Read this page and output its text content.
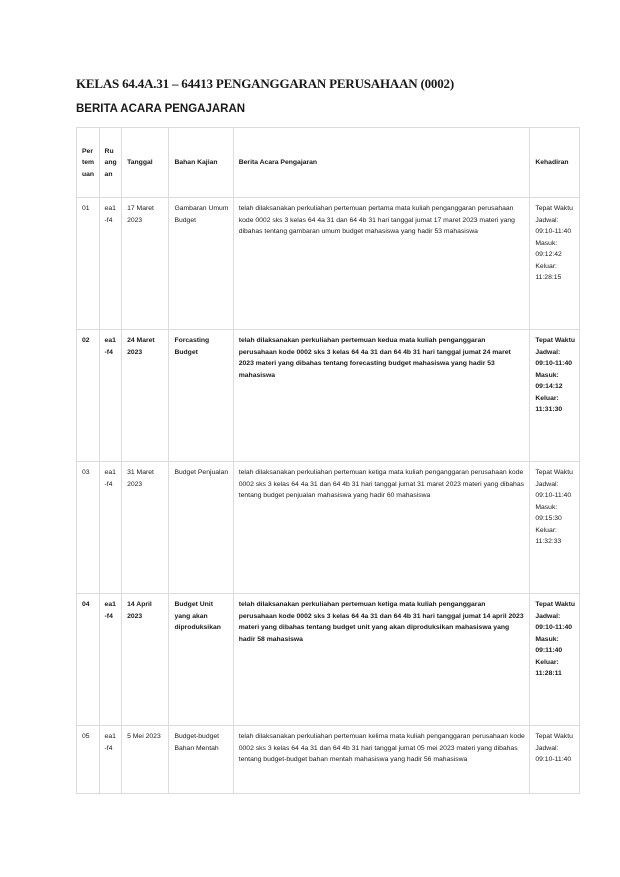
KELAS 64.4A.31 – 64413 PENGANGGARAN PERUSAHAAN (0002)
BERITA ACARA PENGAJARAN
Pertemuan	Ruangan	Tanggal	Bahan Kajian	Berita Acara Pengajaran	Kehadiran
01	ea1-f4	17 Maret 2023	Gambaran Umum Budget	telah dilaksanakan perkuliahan pertemuan pertama mata kuliah penganggaran perusahaan kode 0002 sks 3 kelas 64 4a 31 dan 64 4b 31 hari tanggal jumat 17 maret 2023 materi yang dibahas tentang gambaran umum budget mahasiswa yang hadir 53 mahasiswa	Tepat Waktu Jadwal: 09:10-11:40 Masuk: 09:12:42 Keluar: 11:28:15
02	ea1-f4	24 Maret 2023	Forcasting Budget	telah dilaksanakan perkuliahan pertemuan kedua mata kuliah penganggaran perusahaan kode 0002 sks 3 kelas 64 4a 31 dan 64 4b 31 hari tanggal jumat 24 maret 2023 materi yang dibahas tentang forecasting budget mahasiswa yang hadir 53 mahasiswa	Tepat Waktu Jadwal: 09:10-11:40 Masuk: 09:14:12 Keluar: 11:31:30
03	ea1-f4	31 Maret 2023	Budget Penjualan	telah dilaksanakan perkuliahan pertemuan ketiga mata kuliah penganggaran perusahaan kode 0002 sks 3 kelas 64 4a 31 dan 64 4b 31 hari tanggal jumat 31 maret 2023 materi yang dibahas tentang budget penjualan mahasiswa yang hadir 60 mahasiswa	Tepat Waktu Jadwal: 09:10-11:40 Masuk: 09:15:30 Keluar: 11:32:33
04	ea1-f4	14 April 2023	Budget Unit yang akan diproduksikan	telah dilaksanakan perkuliahan pertemuan ketiga mata kuliah penganggaran perusahaan kode 0002 sks 3 kelas 64 4a 31 dan 64 4b 31 hari tanggal jumat 14 april 2023 materi yang dibahas tentang budget unit yang akan diproduksikan mahasiswa yang hadir 58 mahasiswa	Tepat Waktu Jadwal: 09:10-11:40 Masuk: 09:11:40 Keluar: 11:28:11
05	ea1-f4	5 Mei 2023	Budget-budget Bahan Mentah	telah dilaksanakan perkuliahan pertemuan kelima mata kuliah penganggaran perusahaan kode 0002 sks 3 kelas 64 4a 31 dan 64 4b 31 hari tanggal jumat 05 mei 2023 materi yang dibahas tentang budget-budget bahan mentah mahasiswa yang hadir 56 mahasiswa	Tepat Waktu Jadwal: 09:10-11:40
